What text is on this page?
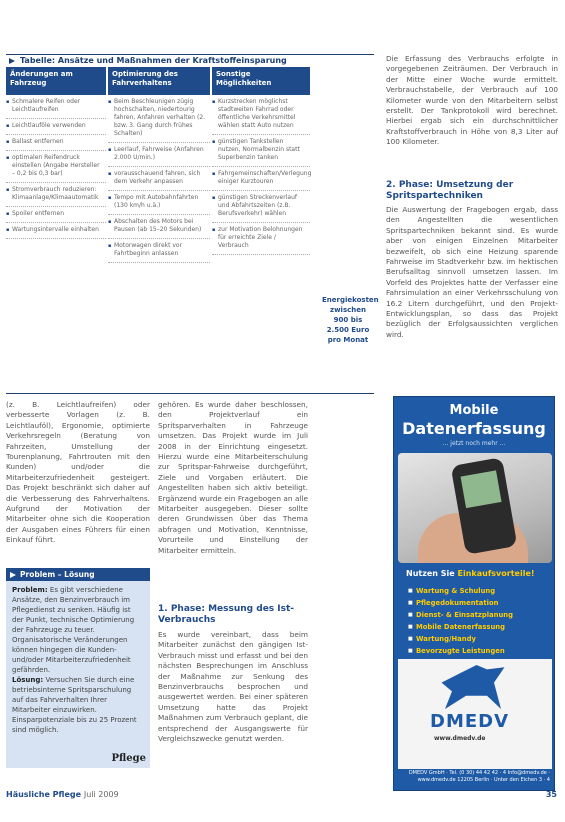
Tabelle: Ansätze und Maßnahmen der Kraftstoffeinsparung
Änderungen am Fahrzeug
Optimierung des Fahrverhaltens
Sonstige Möglichkeiten
▪ Schmalere Reifen oder Leichtlaufreifen
▪ Leichtlauföle verwenden
▪ Ballast entfernen
▪ optimalen Reifendruck einstellen (Angabe Hersteller – 0,2 bis 0,3 bar)
▪ Stromverbrauch reduzieren: Klimaanlage/Klimaautomatik
▪ Spoiler entfernen
▪ Wartungsintervalle einhalten
▪ Beim Beschleunigen zügig hochschalten, niedertourig fahren, Anfahren verhalten (2. bzw. 3. Gang durch frühes Schalten)
▪ Leerlauf, Fahrweise (Anfahren 2.000 U/min.)
▪ vorausschauend fahren, sich dem Verkehr anpassen
▪ Tempo mit Autobahnfahrten (130 km/h u.ä.)
▪ Abschalten des Motors bei Pausen (ab 15–20 Sekunden)
▪ Motorwagen direkt vor Fahrtbeginn anlassen
▪ Kurzstrecken möglichst stadtweiten Fahrrad oder öffentliche Verkehrsmittel wählen statt Auto nutzen
▪ günstigen Tankstellen nutzen, Normalbenzin statt Superbenzin tanken
▪ Fahrgemeinschaften/Verlegung einiger Kurztouren
▪ günstigen Streckenverlauf und Abfahrtszeiten (z.B. Berufsverkehr) wählen
▪ zur Motivation Belohnungen für erreichte Ziele / Verbrauch
Energiekosten zwischen 900 bis 2.500 Euro pro Monat
Die Erfassung des Verbrauchs erfolgte in vorgegebenen Zeiträumen. Der Verbrauch in der Mitte einer Woche wurde ermittelt. Verbrauchstabelle, der Verbrauch auf 100 Kilometer wurde von den Mitarbeitern selbst erstellt. Der Tankprotokoll wird berechnet. Hierbei ergab sich ein durchschnittlicher Kraftstoffverbrauch in Höhe von 8,3 Liter auf 100 Kilometer.
2. Phase: Umsetzung der Spritspartechniken
Die Auswertung der Fragebogen ergab, dass den Angestellten die wesentlichen Spritspartechniken bekannt sind. Es wurde aber von einigen Einzelnen Mitarbeiter bezweifelt, ob sich eine Heizung sparende Fahrweise im Stadtverkehr bzw. im hektischen Berufsalltag sinnvoll umsetzen lassen. Im Vorfeld des Projektes hatte der Verfasser eine Fahrsimulation an einer Verkehrsschulung von 16.2 Litern durchgeführt, und den Projekt-Entwicklungsplan, so dass das Projekt bezüglich der Erfolgsaussichten verglichen wird.
(z. B. Leichtlaufreifen) oder verbesserte Vorlagen (z. B. Leichtlauföl), Ergonomie, optimierte Verkehrsregeln (Beratung von Fahrzeiten, Umstellung der Tourenplanung, Fahrtrouten mit den Kunden) und/oder die Mitarbeiterzufriedenheit gesteigert. Das Projekt beschränkt sich daher auf die Verbesserung des Fahrverhaltens. Aufgrund der Motivation der Mitarbeiter ohne sich die Kooperation der Ausgaben eines Führers für einen Einkauf führt.
Problem – Lösung
Problem: Es gibt verschiedene Ansätze, den Benzinverbrauch im Pflegedienst zu senken. Häufig ist der Punkt, technische Optimierung der Fahrzeuge zu teuer. Organisatorische Veränderungen können hingegen die Kunden- und/oder Mitarbeiterzufriedenheit gefährden.
Lösung: Versuchen Sie durch eine betriebsinterne Spritsparschulung auf das Fahrverhalten Ihrer Mitarbeiter einzuwirken. Einsparpotenziale bis zu 25 Prozent sind möglich.
Pflege
gehören. Es wurde daher beschlossen, den Projektverlauf ein Spritsparverhalten in Fahrzeuge umsetzen. Das Projekt wurde im Juli 2008 in der Einrichtung eingesetzt. Hierzu wurde eine Mitarbeiterschulung zur Spritspar-Fahrweise durchgeführt, Ziele und Vorgaben erläutert. Die Angestellten haben sich aktiv beteiligt. Ergänzend wurde ein Fragebogen an alle Mitarbeiter ausgegeben. Dieser sollte deren Grundwissen über das Thema abfragen und Motivation, Kenntnisse, Vorurteile und Einstellung der Mitarbeiter ermitteln.
1. Phase: Messung des Ist-Verbrauchs
Es wurde vereinbart, dass beim Mitarbeiter zunächst den gängigen Ist-Verbrauch misst und erfasst und bei den nächsten Besprechungen im Anschluss der Maßnahme zur Senkung des Benzinverbrauchs besprochen und ausgewertet werden. Bei einer späteren Umsetzung hatte das Projekt Maßnahmen zum Verbrauch geplant, die entsprechend der Ausgangswerte für Vergleichszwecke genutzt werden.
Mobile
Datenerfassung
... jetzt noch mehr ...
Nutzen Sie Einkaufsvorteile!
■ Wartung & Schulung
■ Pflegedokumentation
■ Dienst- & Einsatzplanung
■ Mobile Datenerfassung
■ Wartung/Handy
■ Bevorzugte Leistungen
DMEDV
www.dmedv.de
DMEDV GmbH · Tel. (0 30) 44 42 42 · 4 Info@dmedv.de · www.dmedv.de 12205 Berlin · Unter den Eichen 3 · 4
Häusliche Pflege Juli 2009	35
